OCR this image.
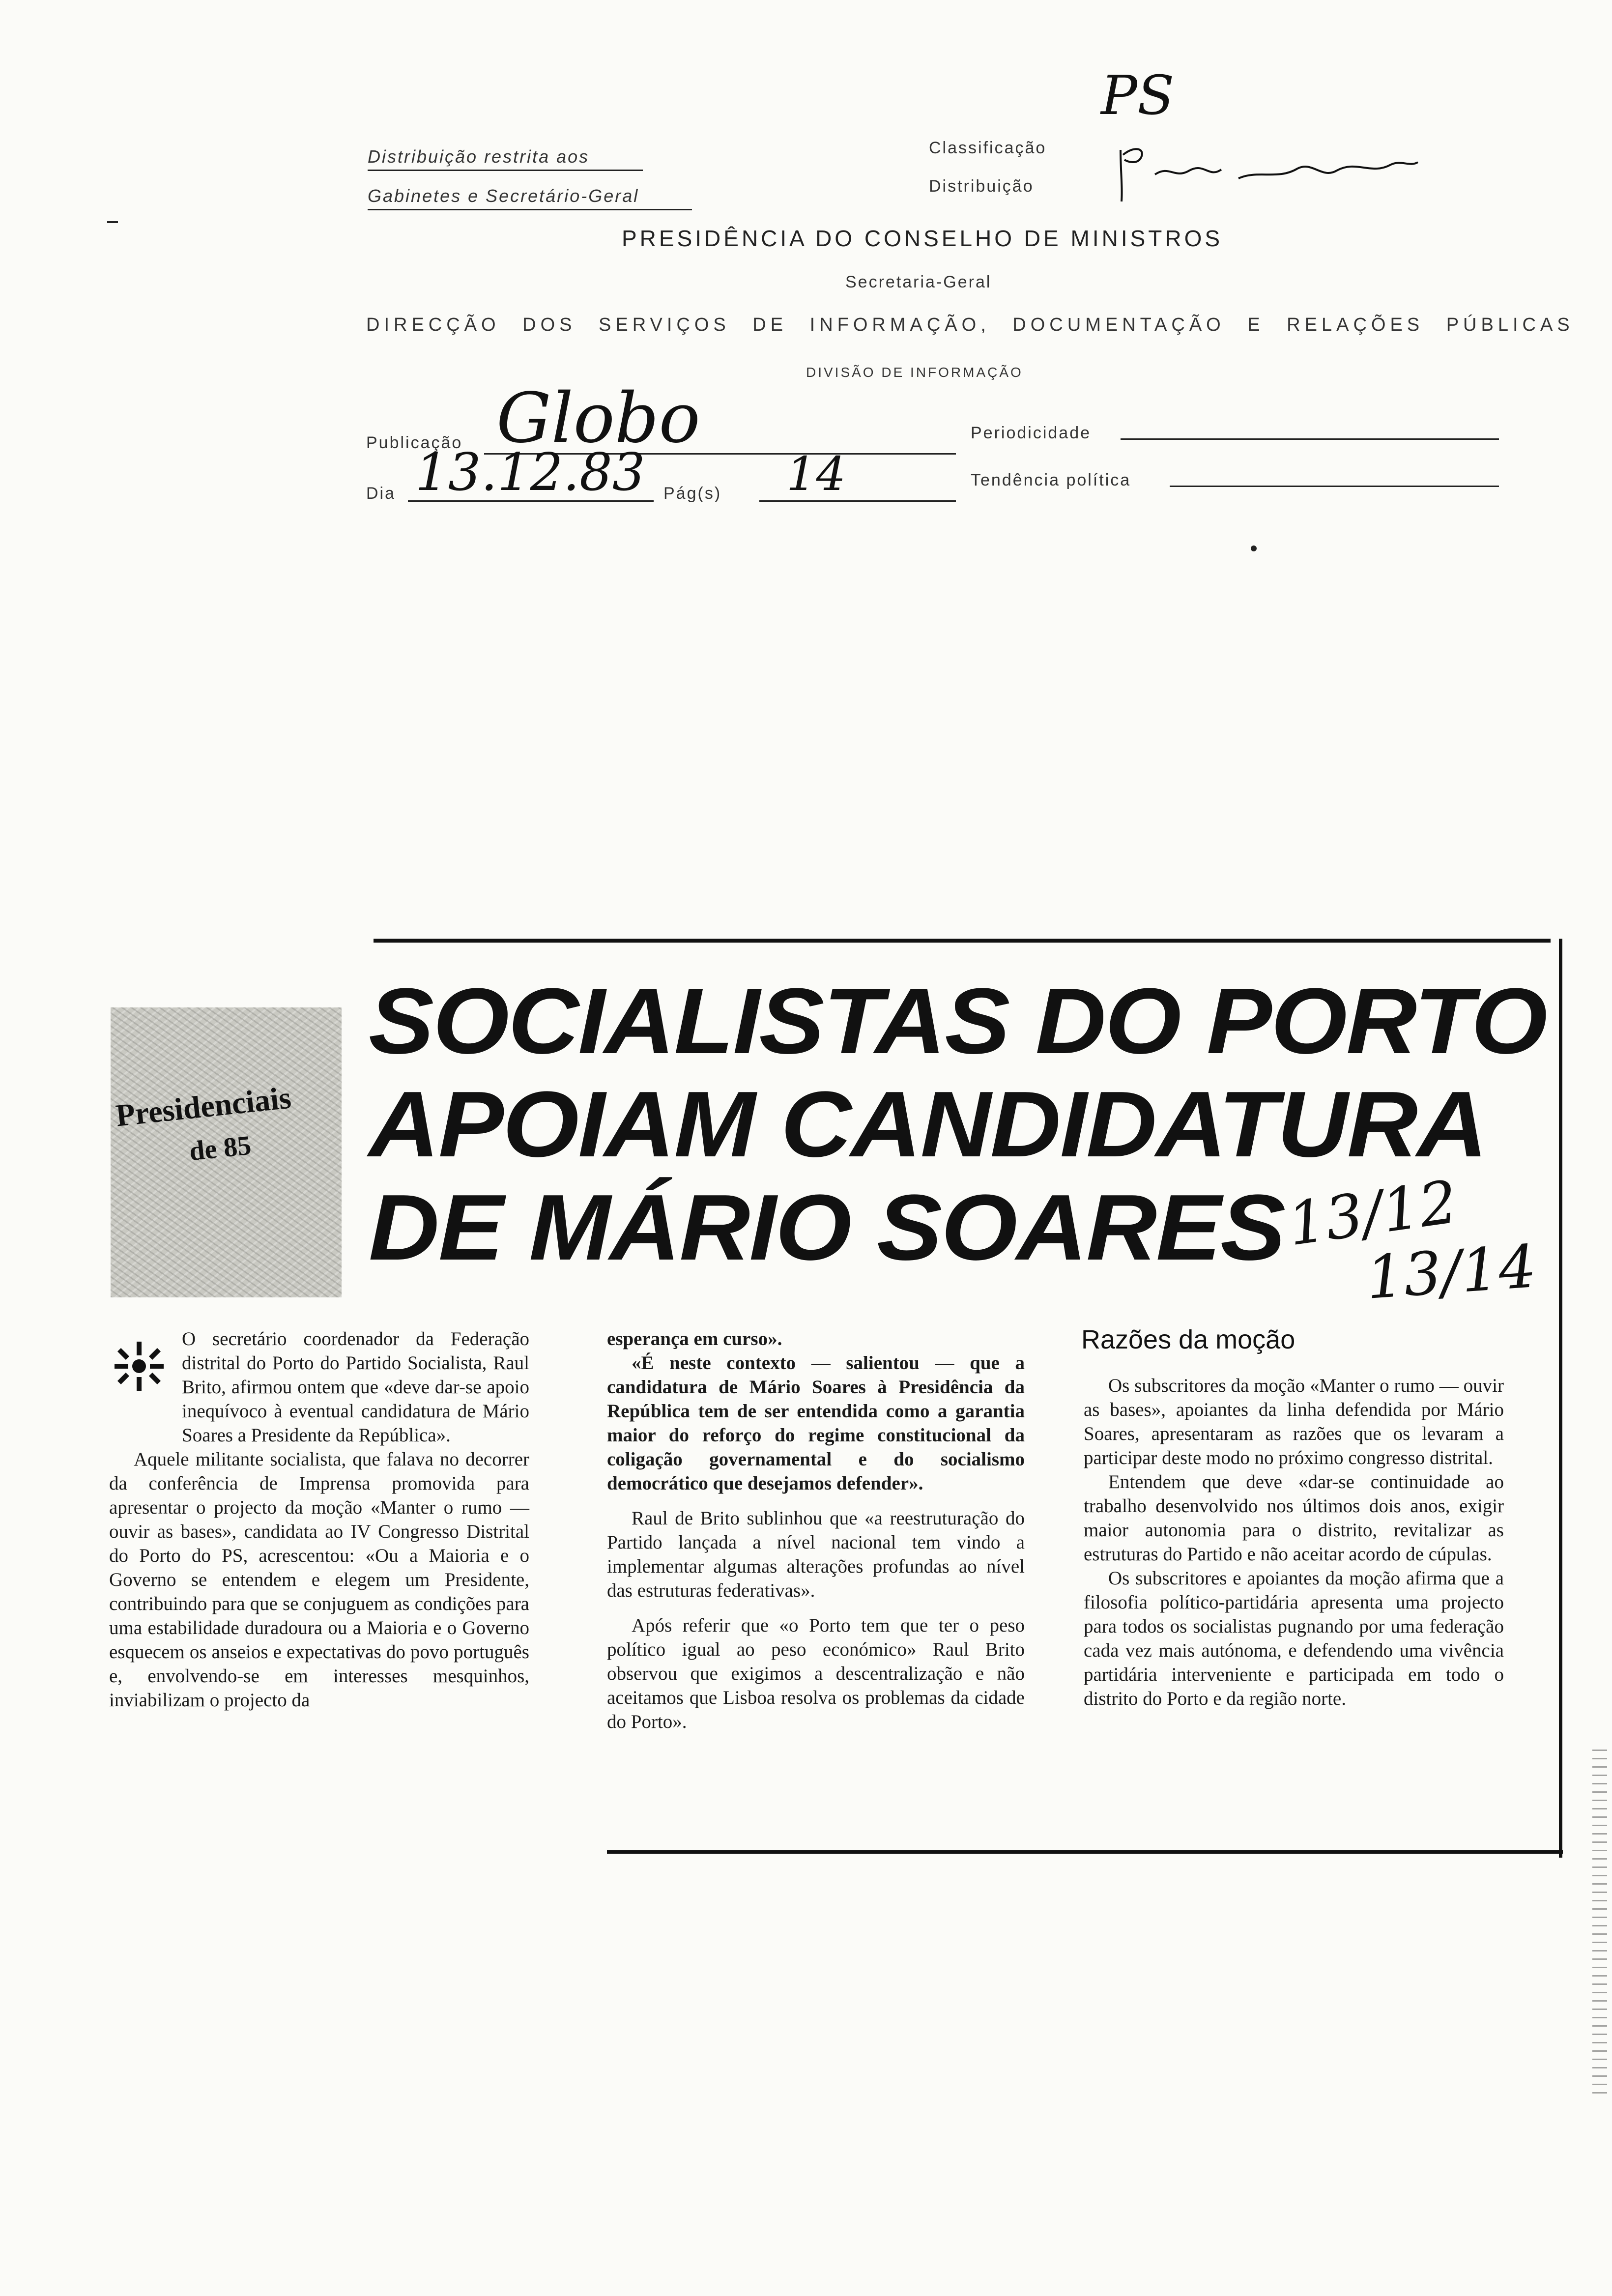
PS
Distribuição restrita aos
Gabinetes e Secretário-Geral
Classificação
Distribuição
PRESIDÊNCIA DO CONSELHO DE MINISTROS
Secretaria-Geral
DIRECÇÃO DOS SERVIÇOS DE INFORMAÇÃO, DOCUMENTAÇÃO E RELAÇÕES PÚBLICAS
DIVISÃO DE INFORMAÇÃO
Publicação Globo	Periodicidade
Dia 13.12.83 Pág(s) 14	Tendência política
Presidenciais
de 85
SOCIALISTAS DO PORTO
APOIAM CANDIDATURA
DE MÁRIO SOARES
13/12
13/14

O secretário coordenador da Federação distrital do Porto do Partido Socialista, Raul Brito, afirmou ontem que «deve dar-se apoio inequívoco à eventual candidatura de Mário Soares a Presidente da República».

Aquele militante socialista, que falava no decorrer da conferência de Imprensa promovida para apresentar o projecto da moção «Manter o rumo — ouvir as bases», candidata ao IV Congresso Distrital do Porto do PS, acrescentou: «Ou a Maioria e o Governo se entendem e elegem um Presidente, contribuindo para que se conjuguem as condições para uma estabilidade duradoura ou a Maioria e o Governo esquecem os anseios e expectativas do povo português e, envolvendo-se em interesses mesquinhos, inviabilizam o projecto da

esperança em curso».

«É neste contexto — salientou — que a candidatura de Mário Soares à Presidência da República tem de ser entendida como a garantia maior do reforço do regime constitucional da coligação governamental e do socialismo democrático que desejamos defender».

Raul de Brito sublinhou que «a reestruturação do Partido lançada a nível nacional tem vindo a implementar algumas alterações profundas ao nível das estruturas federativas».

Após referir que «o Porto tem que ter o peso político igual ao peso económico» Raul Brito observou que exigimos a descentralização e não aceitamos que Lisboa resolva os problemas da cidade do Porto».

Razões da moção

Os subscritores da moção «Manter o rumo — ouvir as bases», apoiantes da linha defendida por Mário Soares, apresentaram as razões que os levaram a participar deste modo no próximo congresso distrital.

Entendem que deve «dar-se continuidade ao trabalho desenvolvido nos últimos dois anos, exigir maior autonomia para o distrito, revitalizar as estruturas do Partido e não aceitar acordo de cúpulas.

Os subscritores e apoiantes da moção afirma que a filosofia político-partidária apresenta uma projecto para todos os socialistas pugnando por uma federação cada vez mais autónoma, e defendendo uma vivência partidária interveniente e participada em todo o distrito do Porto e da região norte.
